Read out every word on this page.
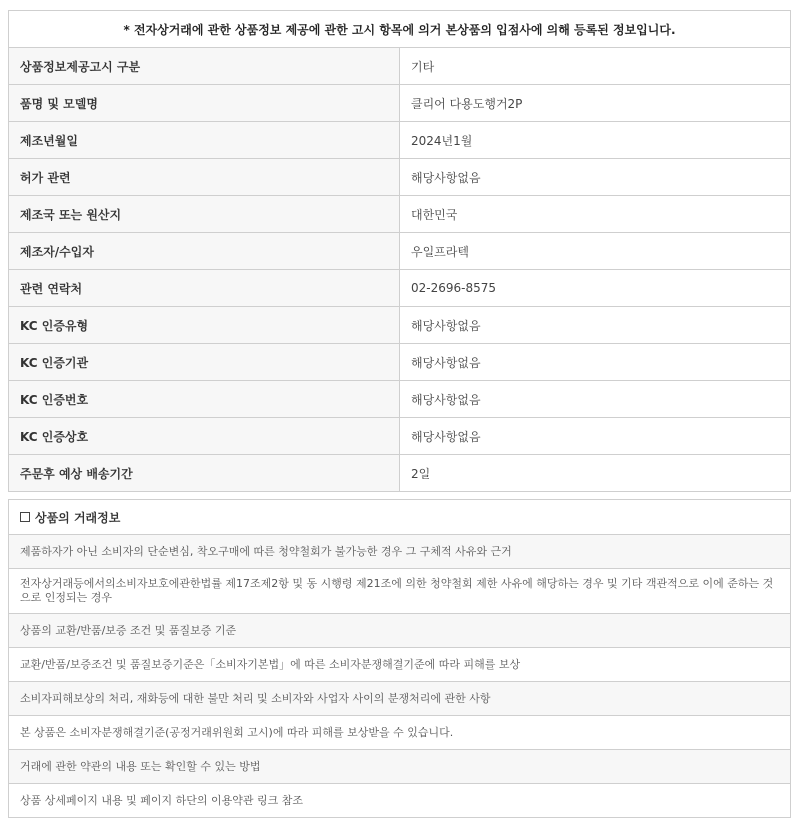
* 전자상거래에 관한 상품정보 제공에 관한 고시 항목에 의거 본상품의 입점사에 의해 등록된 정보입니다.	
상품정보제공고시 구분	기타
품명 및 모델명	클리어 다용도행거2P
제조년월일	2024년1월
허가 관련	해당사항없음
제조국 또는 원산지	대한민국
제조자/수입자	우일프라텍
관련 연락처	02-2696-8575
KC 인증유형	해당사항없음
KC 인증기관	해당사항없음
KC 인증번호	해당사항없음
KC 인증상호	해당사항없음
주문후 예상 배송기간	2일
상품의 거래정보
제품하자가 아닌 소비자의 단순변심, 착오구매에 따른 청약철회가 불가능한 경우 그 구체적 사유와 근거
전자상거래등에서의소비자보호에관한법률 제17조제2항 및 동 시행령 제21조에 의한 청약철회 제한 사유에 해당하는 경우 및 기타 객관적으로 이에 준하는 것으로 인정되는 경우
상품의 교환/반품/보증 조건 및 품질보증 기준
교환/반품/보증조건 및 품질보증기준은「소비자기본법」에 따른 소비자분쟁해결기준에 따라 피해를 보상
소비자피해보상의 처리, 재화등에 대한 불만 처리 및 소비자와 사업자 사이의 분쟁처리에 관한 사항
본 상품은 소비자분쟁해결기준(공정거래위원회 고시)에 따라 피해를 보상받을 수 있습니다.
거래에 관한 약관의 내용 또는 확인할 수 있는 방법
상품 상세페이지 내용 및 페이지 하단의 이용약관 링크 참조
